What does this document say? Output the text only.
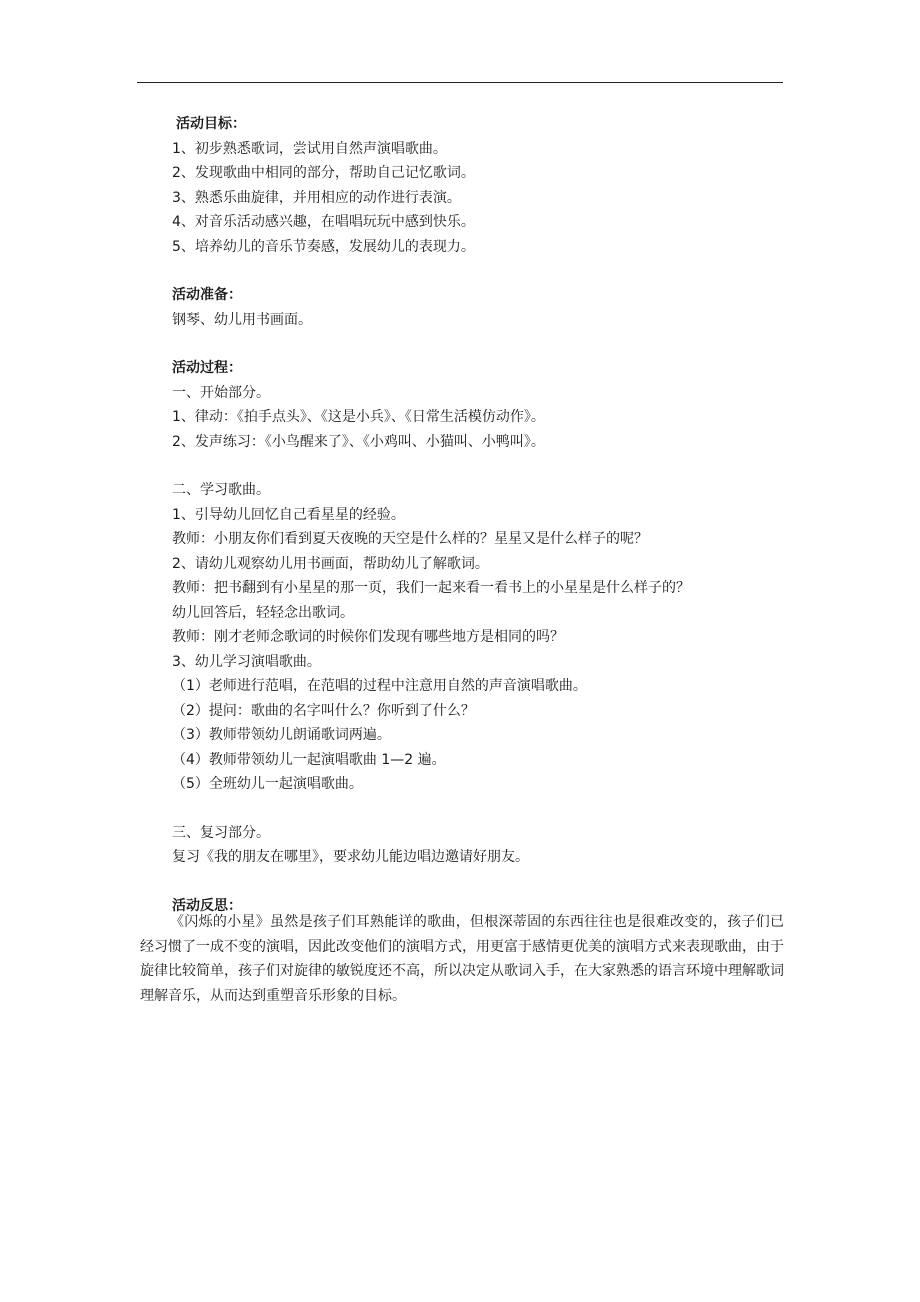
活动目标：
1、初步熟悉歌词，尝试用自然声演唱歌曲。
2、发现歌曲中相同的部分，帮助自己记忆歌词。
3、熟悉乐曲旋律，并用相应的动作进行表演。
4、对音乐活动感兴趣，在唱唱玩玩中感到快乐。
5、培养幼儿的音乐节奏感，发展幼儿的表现力。
活动准备：
钢琴、幼儿用书画面。
活动过程：
一、开始部分。
1、律动：《拍手点头》、《这是小兵》、《日常生活模仿动作》。
2、发声练习：《小鸟醒来了》、《小鸡叫、小猫叫、小鸭叫》。
二、学习歌曲。
1、引导幼儿回忆自己看星星的经验。
教师：小朋友你们看到夏天夜晚的天空是什么样的？星星又是什么样子的呢？
2、请幼儿观察幼儿用书画面，帮助幼儿了解歌词。
教师：把书翻到有小星星的那一页，我们一起来看一看书上的小星星是什么样子的？
幼儿回答后，轻轻念出歌词。
教师：刚才老师念歌词的时候你们发现有哪些地方是相同的吗？
3、幼儿学习演唱歌曲。
（1）老师进行范唱，在范唱的过程中注意用自然的声音演唱歌曲。
（2）提问：歌曲的名字叫什么？你听到了什么？
（3）教师带领幼儿朗诵歌词两遍。
（4）教师带领幼儿一起演唱歌曲 1—2 遍。
（5）全班幼儿一起演唱歌曲。
三、复习部分。
复习《我的朋友在哪里》，要求幼儿能边唱边邀请好朋友。
活动反思：
《闪烁的小星》虽然是孩子们耳熟能详的歌曲，但根深蒂固的东西往往也是很难改变的，孩子们已经习惯了一成不变的演唱，因此改变他们的演唱方式，用更富于感情更优美的演唱方式来表现歌曲，由于旋律比较简单，孩子们对旋律的敏锐度还不高，所以决定从歌词入手，在大家熟悉的语言环境中理解歌词理解音乐，从而达到重塑音乐形象的目标。
